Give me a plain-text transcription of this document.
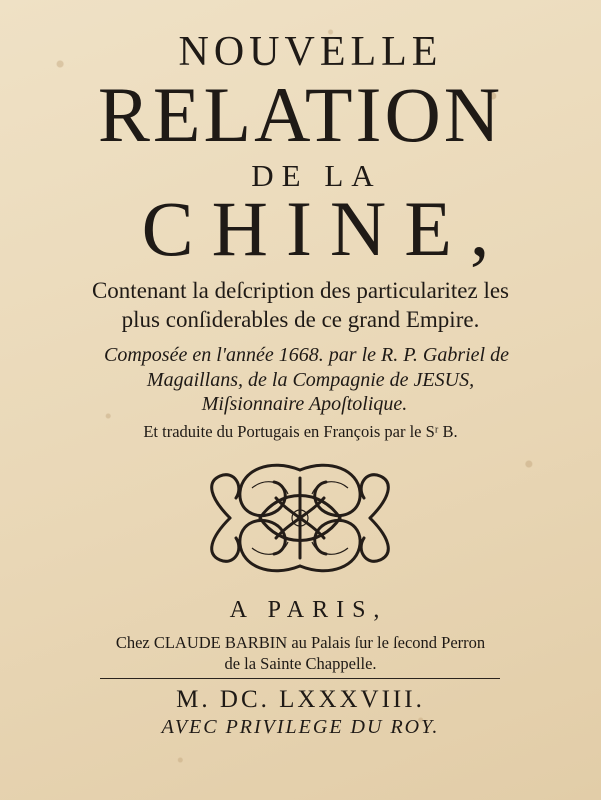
NOUVELLE
RELATION
DE LA
CHINE,
Contenant la deſcription des particularitez les
plus conſiderables de ce grand Empire.
Composée en l'année 1668. par le R. P. Gabriel de
Magaillans, de la Compagnie de JESUS,
Miſsionnaire Apoſtolique.
Et traduite du Portugais en François par le Sʳ B.
A PARIS,
Chez CLAUDE BARBIN au Palais ſur le ſecond Perron
de la Sainte Chappelle.
M. DC. LXXXVIII.
AVEC PRIVILEGE DU ROY.
